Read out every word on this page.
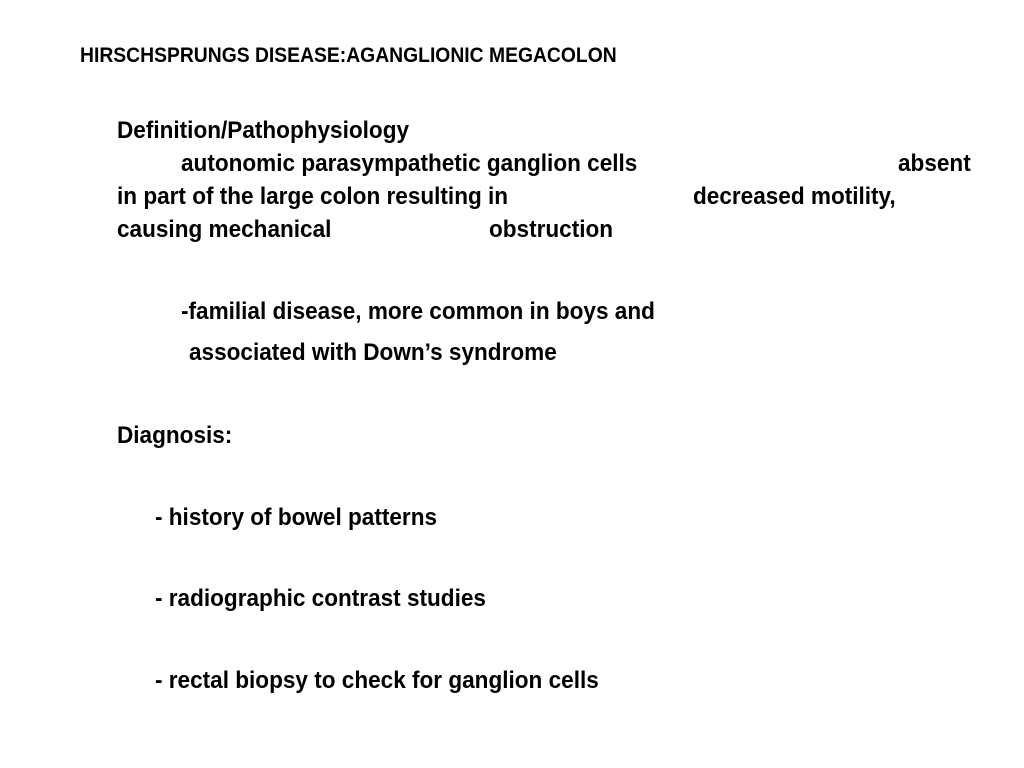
HIRSCHSPRUNGS DISEASE:AGANGLIONIC MEGACOLON
Definition/Pathophysiology
autonomic parasympathetic ganglion cells	absent
in part of the large colon resulting in	decreased motility,
causing mechanical	obstruction
-familial disease, more common in boys and
associated with Down’s syndrome
Diagnosis:
- history of bowel patterns
- radiographic contrast studies
- rectal biopsy to check for ganglion cells
